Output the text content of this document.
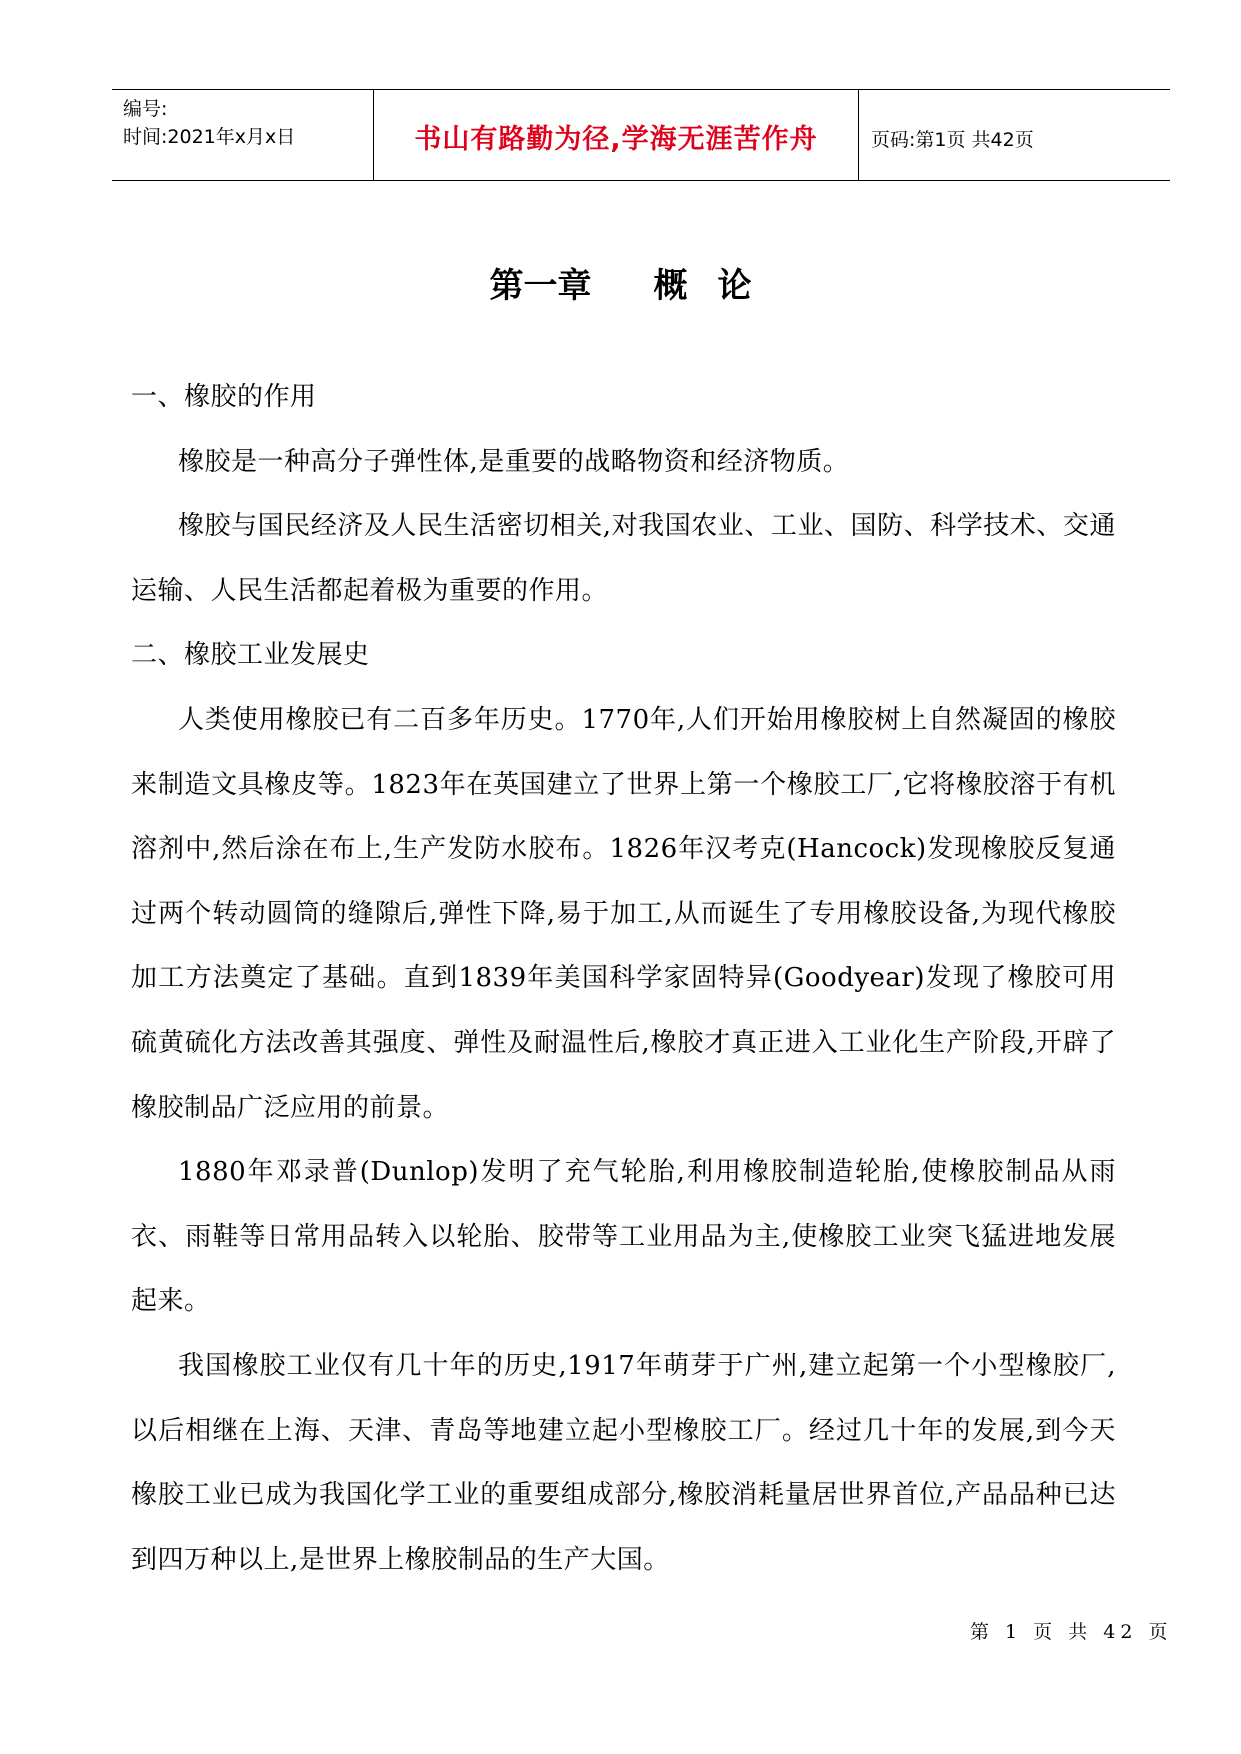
编号:
时间:2021年x月x日	书山有路勤为径,学海无涯苦作舟	页码:第1页 共42页
第一章 概 论

一、橡胶的作用

橡胶是一种高分子弹性体,是重要的战略物资和经济物质。

橡胶与国民经济及人民生活密切相关,对我国农业、工业、国防、科学技术、交通运输、人民生活都起着极为重要的作用。

二、橡胶工业发展史

人类使用橡胶已有二百多年历史。1770年,人们开始用橡胶树上自然凝固的橡胶来制造文具橡皮等。1823年在英国建立了世界上第一个橡胶工厂,它将橡胶溶于有机溶剂中,然后涂在布上,生产发防水胶布。1826年汉考克(Hancock)发现橡胶反复通过两个转动圆筒的缝隙后,弹性下降,易于加工,从而诞生了专用橡胶设备,为现代橡胶加工方法奠定了基础。直到1839年美国科学家固特异(Goodyear)发现了橡胶可用硫黄硫化方法改善其强度、弹性及耐温性后,橡胶才真正进入工业化生产阶段,开辟了橡胶制品广泛应用的前景。

1880年邓录普(Dunlop)发明了充气轮胎,利用橡胶制造轮胎,使橡胶制品从雨衣、雨鞋等日常用品转入以轮胎、胶带等工业用品为主,使橡胶工业突飞猛进地发展起来。

我国橡胶工业仅有几十年的历史,1917年萌芽于广州,建立起第一个小型橡胶厂,以后相继在上海、天津、青岛等地建立起小型橡胶工厂。经过几十年的发展,到今天橡胶工业已成为我国化学工业的重要组成部分,橡胶消耗量居世界首位,产品品种已达到四万种以上,是世界上橡胶制品的生产大国。

第 1 页 共 42 页
